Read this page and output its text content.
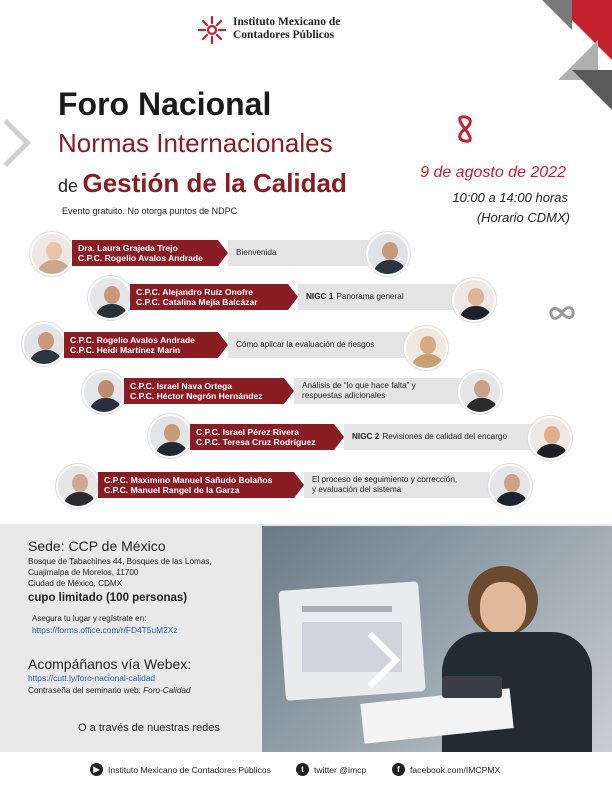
Instituto Mexicano de
Contadores Públicos
Foro Nacional
Normas Internacionales
de Gestión de la Calidad
Evento gratuito. No otorga puntos de NDPC
9 de agosto de 2022
10:00 a 14:00 horas
(Horario CDMX)
Dra. Laura Grajeda Trejo
C.P.C. Rogelio Avalos Andrade
Bienvenida
C.P.C. Alejandro Ruíz Onofre
C.P.C. Catalina Mejía Balcázar
NIGC 1 Panorama general
C.P.C. Rogelio Avalos Andrade
C.P.C. Heidi Martínez Marín
Cómo aplicar la evaluación de riesgos
C.P.C. Israel Nava Ortega
C.P.C. Héctor Negrón Hernández
Análisis de “lo que hace falta” y
respuestas adicionales
C.P.C. Israel Pérez Rivera
C.P.C. Teresa Cruz Rodríguez
NIGC 2 Revisiones de calidad del encargo
C.P.C. Maximino Manuel Sañudo Bolaños
C.P.C. Manuel Rangel de la Garza
El proceso de seguimiento y corrección,
y evaluación del sistema
Sede: CCP de México
Bosque de Tabachines 44, Bosques de las Lomas,
Cuajimalpa de Morelos, 11700
Ciudad de México, CDMX
cupo limitado (100 personas)
Asegura tu lugar y regístrate en:
https://forms.office.com/r/FD4T5uM2Xz
Acompáñanos vía Webex:
https://cutt.ly/foro-nacional-calidad
Contraseña del seminario web: Foro-Calidad
O a través de nuestras redes
▶ Instituto Mexicano de Contadores Públicos	t	twitter @imcp	f	facebook.com/IMCPMX
